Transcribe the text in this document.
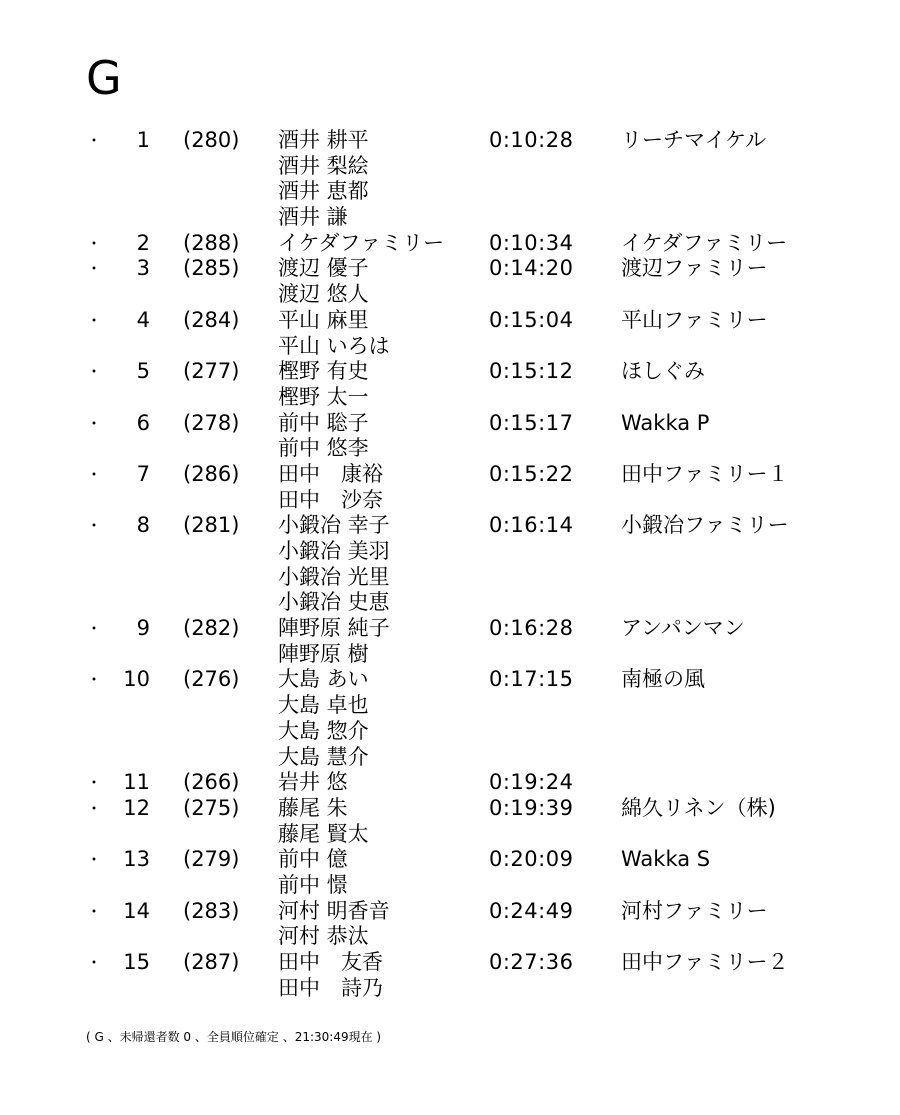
G
・	1 (280) 酒井 耕平
酒井 梨絵
酒井 恵都
酒井 謙
0:10:28 リーチマイケル
・	2 (288) イケダファミリー	0:10:34 イケダファミリー
・	3 (285) 渡辺 優子
渡辺 悠人
0:14:20 渡辺ファミリー
・	4 (284) 平山 麻里
平山 いろは
0:15:04 平山ファミリー
・	5 (277) 樫野 有史
樫野 太一
0:15:12 ほしぐみ
・	6 (278) 前中 聡子
前中 悠李
0:15:17 Wakka P
・	7 (286) 田中　康裕
田中　沙奈
0:15:22 田中ファミリー１
・	8 (281) 小鍛冶 幸子
小鍛冶 美羽
小鍛冶 光里
小鍛冶 史恵
0:16:14 小鍛冶ファミリー
・	9 (282) 陣野原 純子
陣野原 樹
0:16:28 アンパンマン
・	10 (276) 大島 あい
大島 卓也
大島 惣介
大島 慧介
0:17:15 南極の風
・	11 (266) 岩井 悠	0:19:24
・	12 (275) 藤尾 朱
藤尾 賢太
0:19:39 綿久リネン（株)
・	13 (279) 前中 億
前中 憬
0:20:09 Wakka S
・	14 (283) 河村 明香音
河村 恭汰
0:24:49 河村ファミリー
・	15 (287) 田中　友香
田中　詩乃
0:27:36 田中ファミリー２
( G 、未帰還者数 0 、全員順位確定 、21:30:49現在 )
